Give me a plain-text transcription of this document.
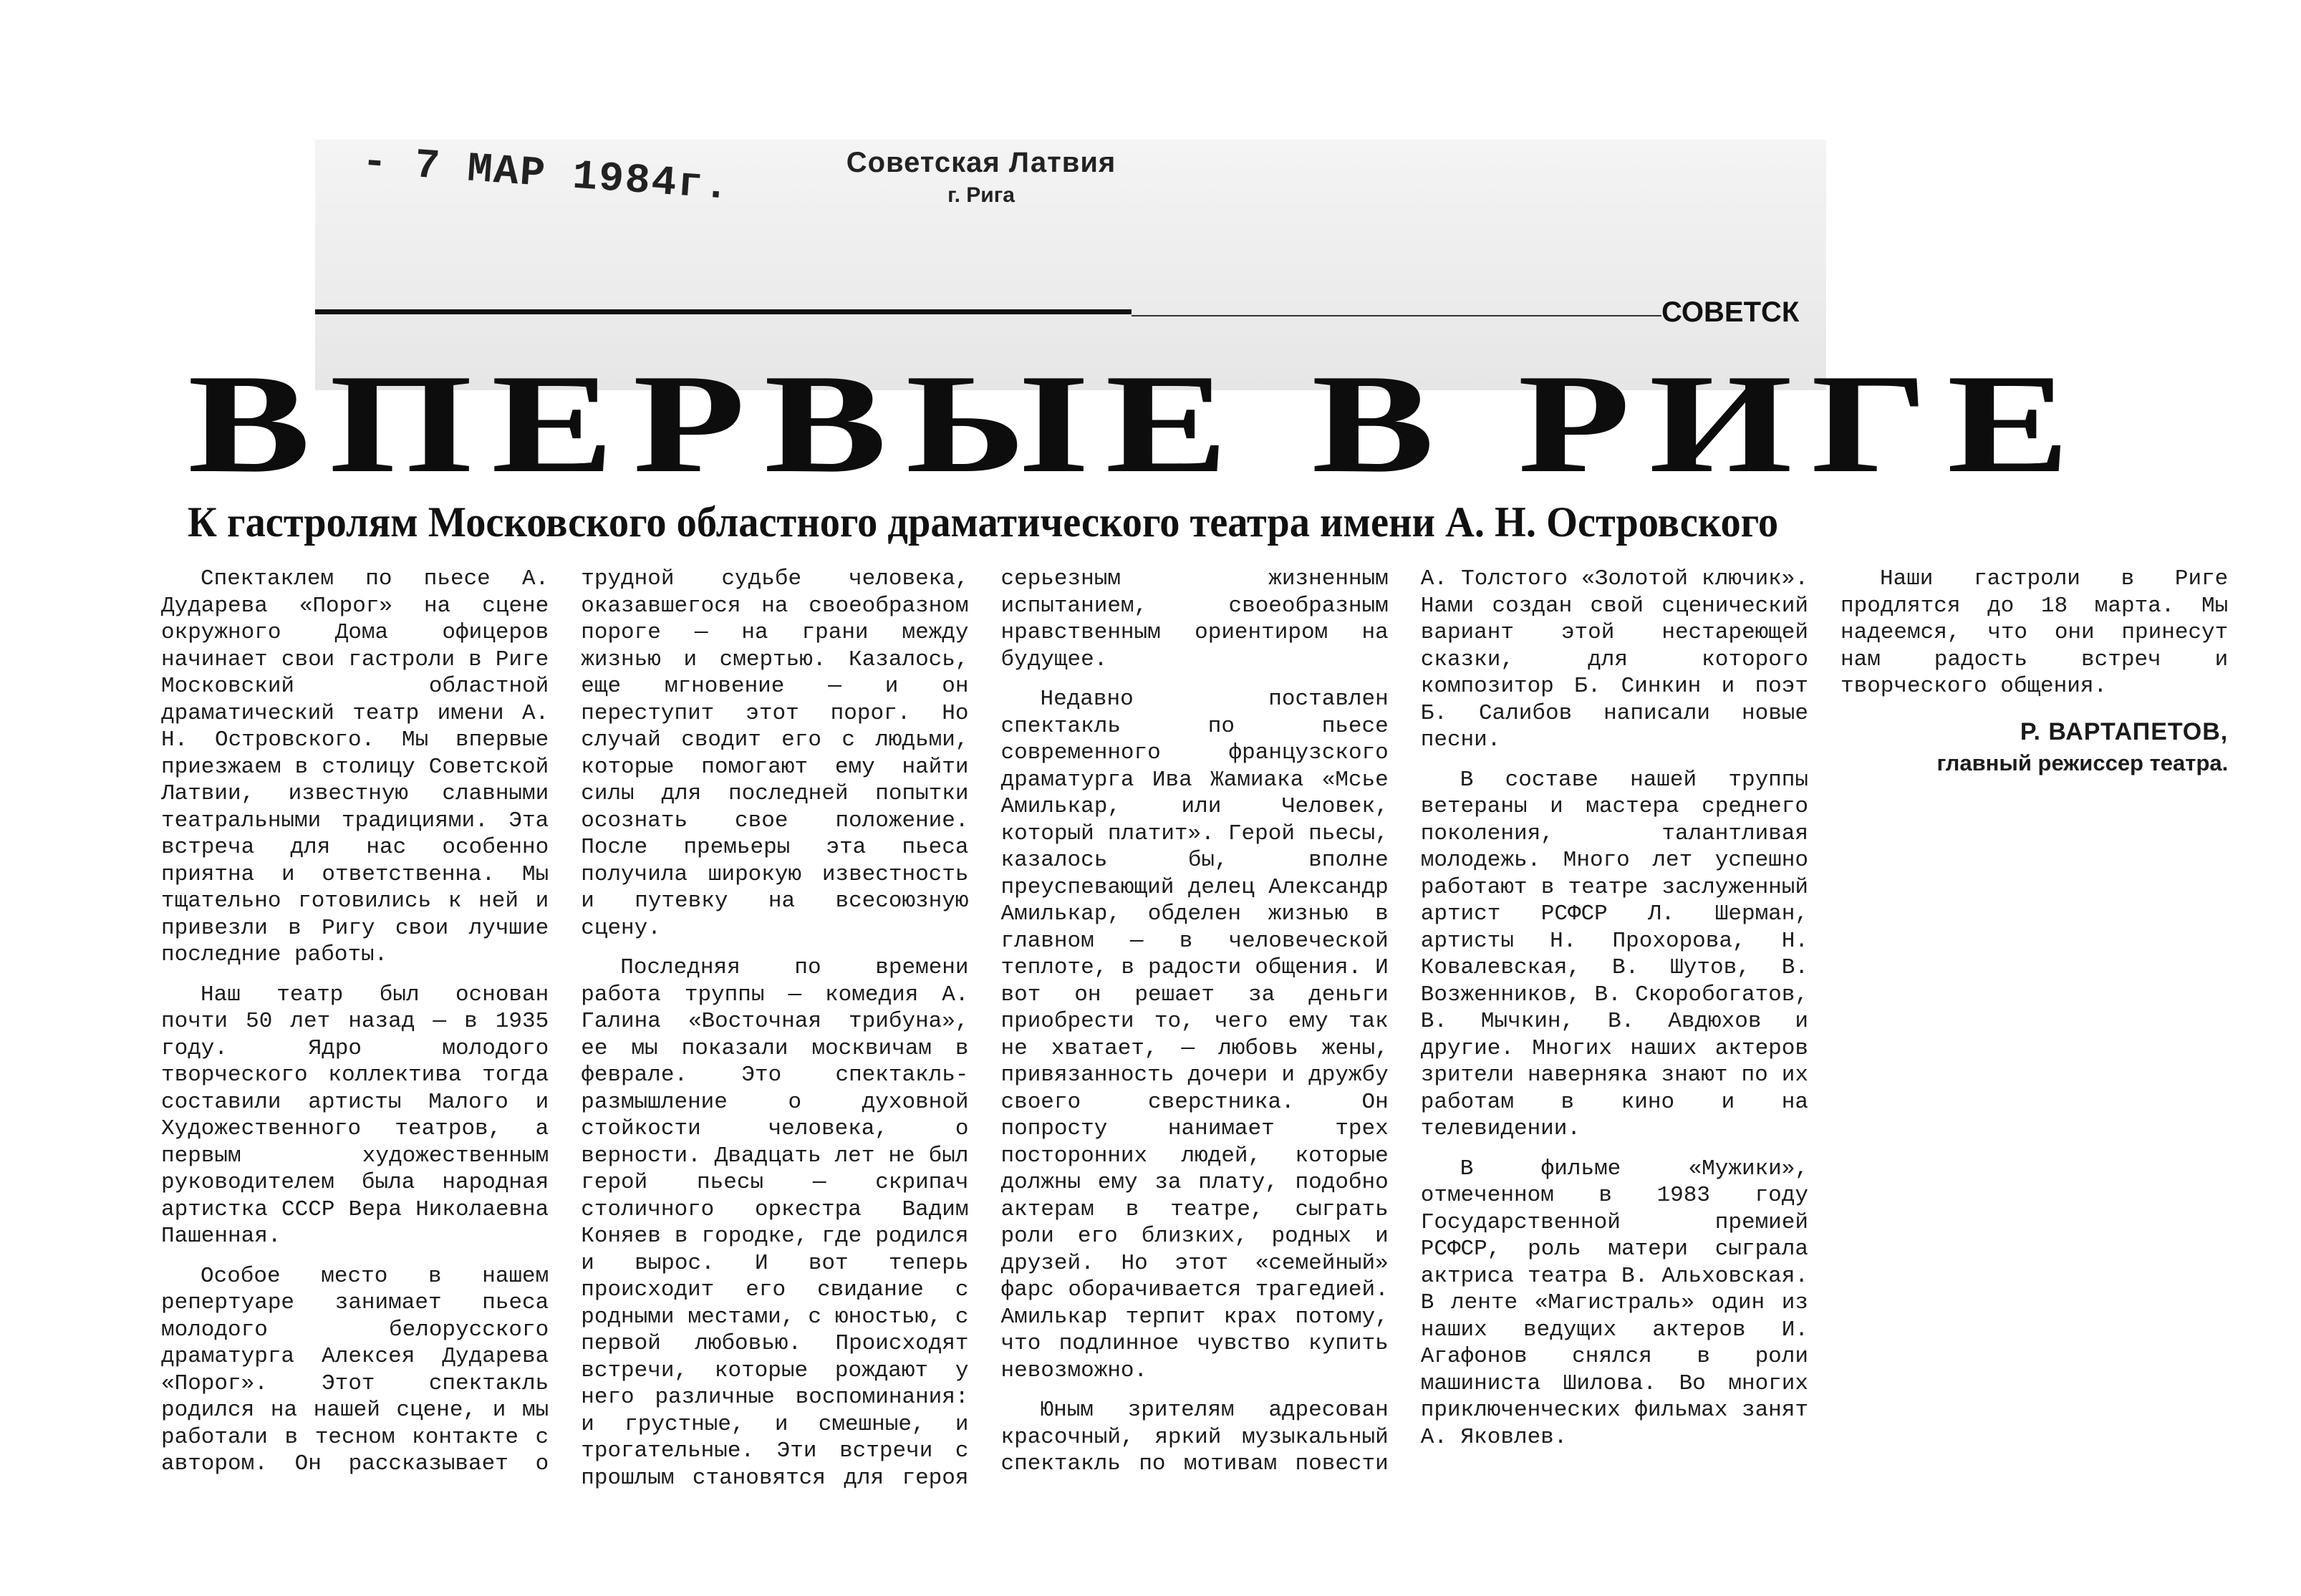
- 7 МАР 1984г.	Советская Латвия
г. Рига
СОВЕТСК
ВПЕРВЫЕ В РИГЕ
К гастролям Московского областного драматического театра имени А. Н. Островского

Спектаклем по пьесе А. Дударева «Порог» на сцене окружного Дома офицеров начинает свои гастроли в Риге Московский областной драматический театр имени А. Н. Островского. Мы впервые приезжаем в столицу Советской Латвии, известную славными театральными традициями. Эта встреча для нас особенно приятна и ответственна. Мы тщательно готовились к ней и привезли в Ригу свои лучшие последние работы.

Наш театр был основан почти 50 лет назад — в 1935 году. Ядро молодого творческого коллектива тогда составили артисты Малого и Художественного театров, а первым художественным руководителем была народная артистка СССР Вера Николаевна Пашенная.

Особое место в нашем репертуаре занимает пьеса молодого белорусского драматурга Алексея Дударева «Порог». Этот спектакль родился на нашей сцене, и мы работали в тесном контакте с автором. Он рассказывает о трудной судьбе человека, оказавшегося на своеобразном пороге — на грани между жизнью и смертью. Казалось, еще мгновение — и он переступит этот порог. Но случай сводит его с людьми, которые помогают ему найти силы для последней попытки осознать свое положение. После премьеры эта пьеса получила широкую известность и путевку на всесоюзную сцену.

Последняя по времени работа труппы — комедия А. Галина «Восточная трибуна», ее мы показали москвичам в феврале. Это спектакль-размышление о духовной стойкости человека, о верности. Двадцать лет не был герой пьесы — скрипач столичного оркестра Вадим Коняев в городке, где родился и вырос. И вот теперь происходит его свидание с родными местами, с юностью, с первой любовью. Происходят встречи, которые рождают у него различные воспоминания: и грустные, и смешные, и трогательные. Эти встречи с прошлым становятся для героя серьезным жизненным испытанием, своеобразным нравственным ориентиром на будущее.

Недавно поставлен спектакль по пьесе современного французского драматурга Ива Жамиака «Мсье Амилькар, или Человек, который платит». Герой пьесы, казалось бы, вполне преуспевающий делец Александр Амилькар, обделен жизнью в главном — в человеческой теплоте, в радости общения. И вот он решает за деньги приобрести то, чего ему так не хватает, — любовь жены, привязанность дочери и дружбу своего сверстника. Он попросту нанимает трех посторонних людей, которые должны ему за плату, подобно актерам в театре, сыграть роли его близких, родных и друзей. Но этот «семейный» фарс оборачивается трагедией. Амилькар терпит крах потому, что подлинное чувство купить невозможно.

Юным зрителям адресован красочный, яркий музыкальный спектакль по мотивам повести А. Толстого «Золотой ключик». Нами создан свой сценический вариант этой нестареющей сказки, для которого композитор Б. Синкин и поэт Б. Салибов написали новые песни.

В составе нашей труппы ветераны и мастера среднего поколения, талантливая молодежь. Много лет успешно работают в театре заслуженный артист РСФСР Л. Шерман, артисты Н. Прохорова, Н. Ковалевская, В. Шутов, В. Возженников, В. Скоробогатов, В. Мычкин, В. Авдюхов и другие. Многих наших актеров зрители наверняка знают по их работам в кино и на телевидении.

В фильме «Мужики», отмеченном в 1983 году Государственной премией РСФСР, роль матери сыграла актриса театра В. Альховская. В ленте «Магистраль» один из наших ведущих актеров И. Агафонов снялся в роли машиниста Шилова. Во многих приключенческих фильмах занят А. Яковлев.

Наши гастроли в Риге продлятся до 18 марта. Мы надеемся, что они принесут нам радость встреч и творческого общения.

Р. ВАРТАПЕТОВ,
главный режиссер театра.
